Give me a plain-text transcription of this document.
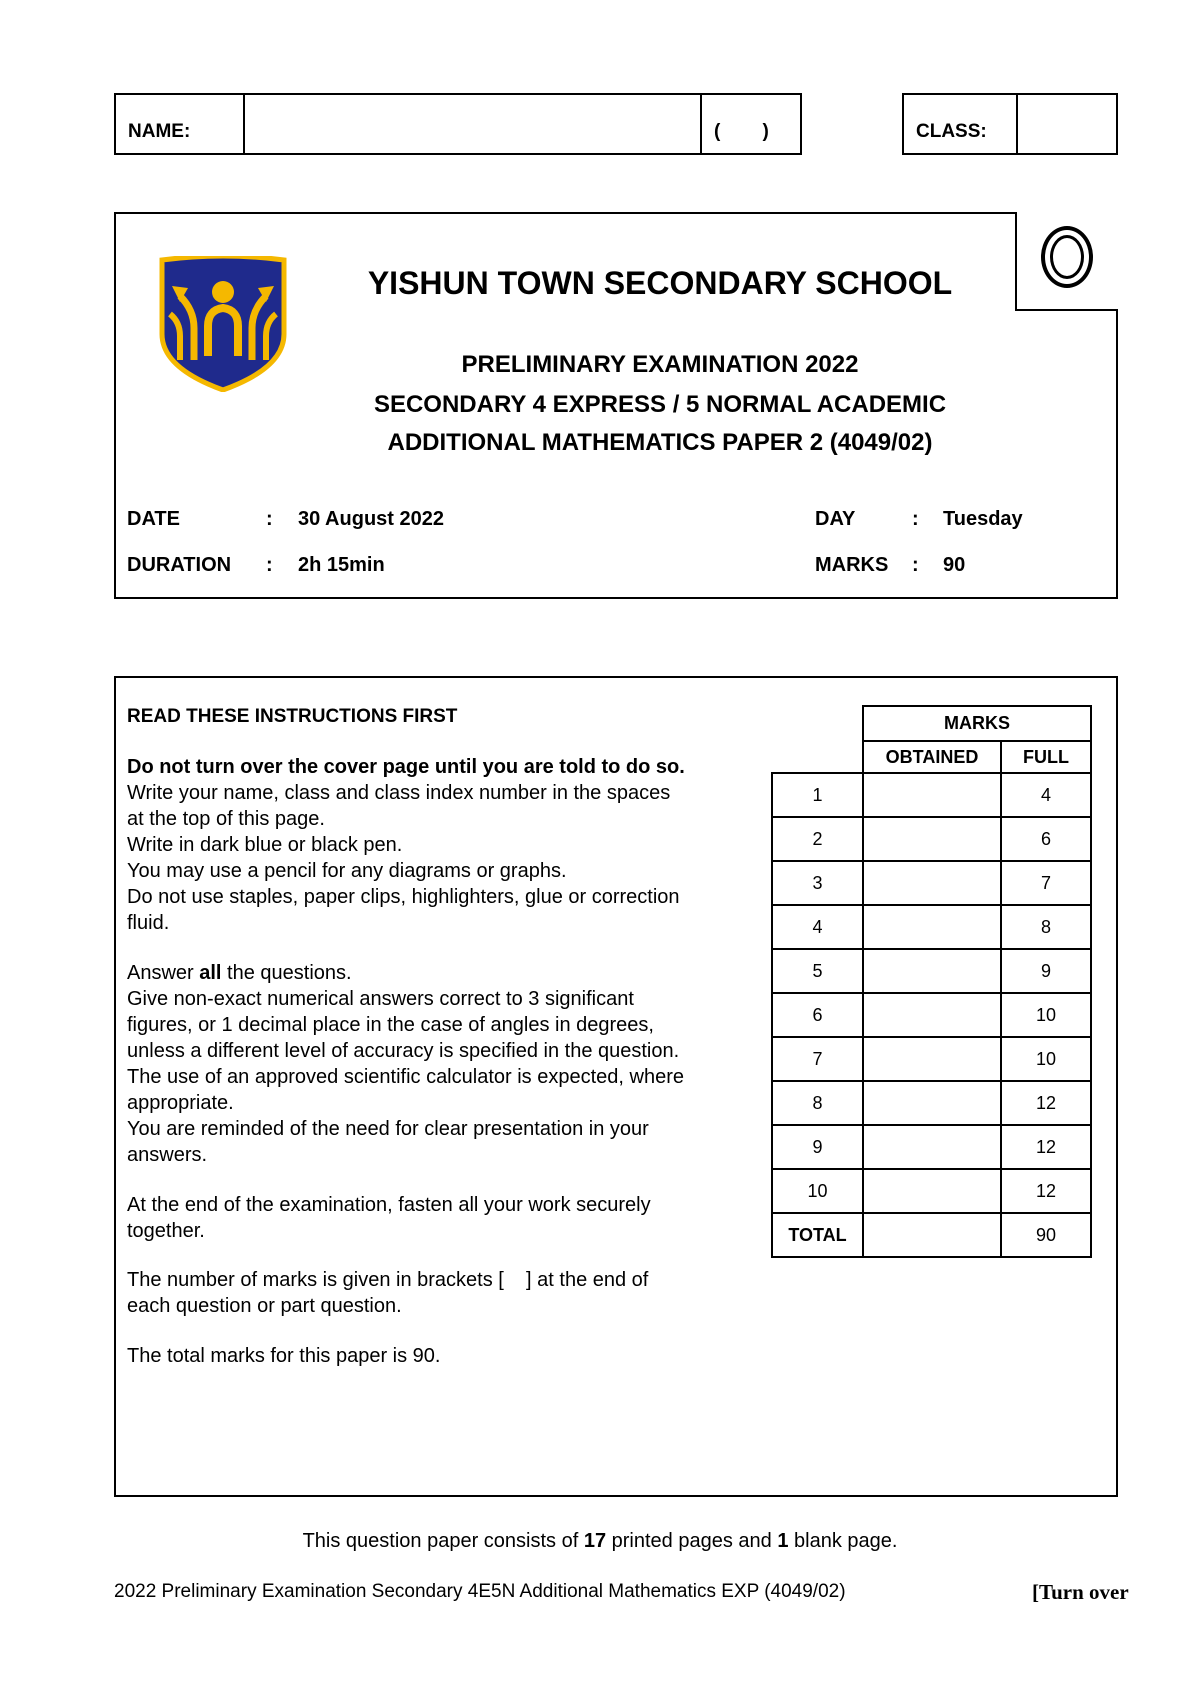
NAME:	(        )	CLASS:
YISHUN TOWN SECONDARY SCHOOL
PRELIMINARY EXAMINATION 2022
SECONDARY 4 EXPRESS / 5 NORMAL ACADEMIC
ADDITIONAL MATHEMATICS PAPER 2 (4049/02)
DATE	: 30 August 2022
DURATION : 2h 15min
DAY	: Tuesday
MARKS : 90
READ THESE INSTRUCTIONS FIRST
Do not turn over the cover page until you are told to do so.
Write your name, class and class index number in the spaces
at the top of this page.
Write in dark blue or black pen.
You may use a pencil for any diagrams or graphs.
Do not use staples, paper clips, highlighters, glue or correction
fluid.
Answer all the questions.
Give non-exact numerical answers correct to 3 significant
figures, or 1 decimal place in the case of angles in degrees,
unless a different level of accuracy is specified in the question.
The use of an approved scientific calculator is expected, where
appropriate.
You are reminded of the need for clear presentation in your
answers.
At the end of the examination, fasten all your work securely
together.
The number of marks is given in brackets [    ] at the end of
each question or part question.
The total marks for this paper is 90.
	MARKS	
	OBTAINED	FULL
1		4
2		6
3		7
4		8
5		9
6		10
7		10
8		12
9		12
10		12
TOTAL		90
This question paper consists of 17 printed pages and 1 blank page.
2022 Preliminary Examination Secondary 4E5N Additional Mathematics EXP (4049/02)	[Turn over
